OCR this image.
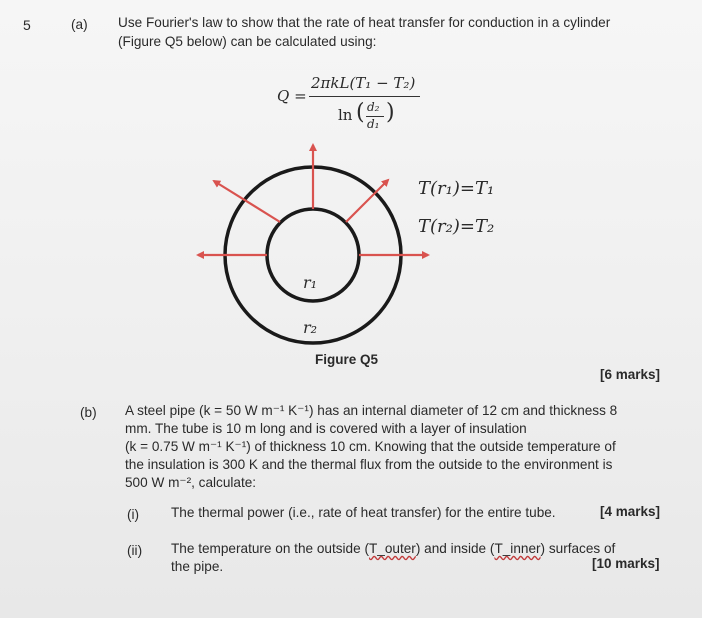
5	(a) Use Fourier's law to show that the rate of heat transfer for conduction in a cylinder
(Figure Q5 below) can be calculated using:
Q =
2πkL(T₁ − T₂)
ln ( d₂
d₁ )
r₁
r₂
T(r₁)=T₁
T(r₂)=T₂
Figure Q5
[6 marks]
(b) A steel pipe (k = 50 W m⁻¹ K⁻¹) has an internal diameter of 12 cm and thickness 8
mm. The tube is 10 m long and is covered with a layer of insulation
(k = 0.75 W m⁻¹ K⁻¹) of thickness 10 cm. Knowing that the outside temperature of
the insulation is 300 K and the thermal flux from the outside to the environment is
500 W m⁻², calculate:
(i) The thermal power (i.e., rate of heat transfer) for the entire tube.	[4 marks]
(ii) The temperature on the outside (T_outer) and inside (T_inner) surfaces of
the pipe.	[10 marks]
